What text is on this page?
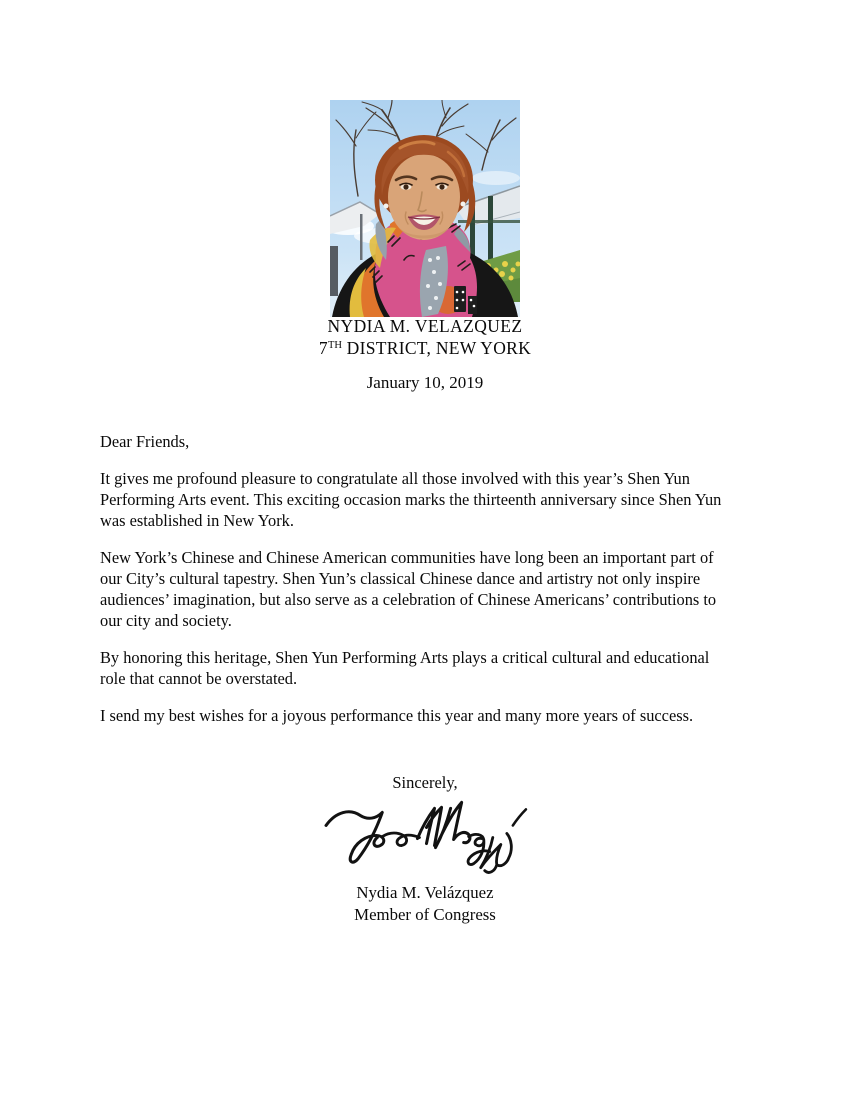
NYDIA M. VELAZQUEZ
7TH DISTRICT, NEW YORK
January 10, 2019
Dear Friends,
It gives me profound pleasure to congratulate all those involved with this year’s Shen Yun
Performing Arts event. This exciting occasion marks the thirteenth anniversary since Shen Yun
was established in New York.
New York’s Chinese and Chinese American communities have long been an important part of
our City’s cultural tapestry. Shen Yun’s classical Chinese dance and artistry not only inspire
audiences’ imagination, but also serve as a celebration of Chinese Americans’ contributions to
our city and society.
By honoring this heritage, Shen Yun Performing Arts plays a critical cultural and educational
role that cannot be overstated.
I send my best wishes for a joyous performance this year and many more years of success.
Sincerely,
Nydia M. Velázquez
Member of Congress
